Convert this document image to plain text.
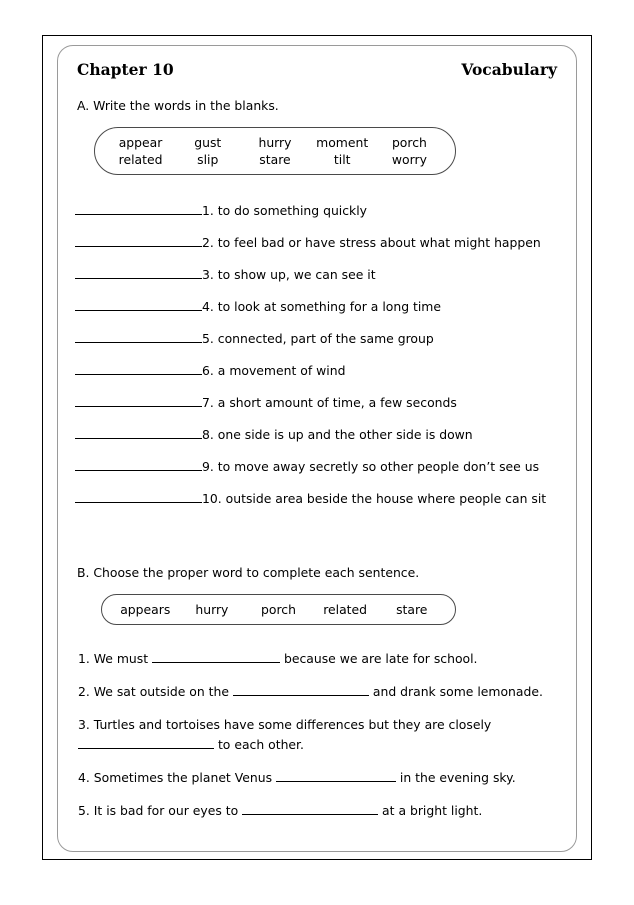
Chapter 10	Vocabulary
A. Write the words in the blanks.
appear	gust	hurry	moment	porch
related	slip	stare	tilt	worry
1.
to do something quickly
2.
to feel bad or have stress about what might happen
3.
to show up, we can see it
4.
to look at something for a long time
5.
connected, part of the same group
6.
a movement of wind
7.
a short amount of time, a few seconds
8.
one side is up and the other side is down
9.
to move away secretly so other people don’t see us
10.
outside area beside the house where people can sit
B. Choose the proper word to complete each sentence.
appears	hurry	porch	related	stare
1. We must	because we are late for school.
2. We sat outside on the	and drank some lemonade.
3. Turtles and tortoises have some differences but they are closely  to each other.
4. Sometimes the planet Venus	in the evening sky.
5. It is bad for our eyes to	at a bright light.
